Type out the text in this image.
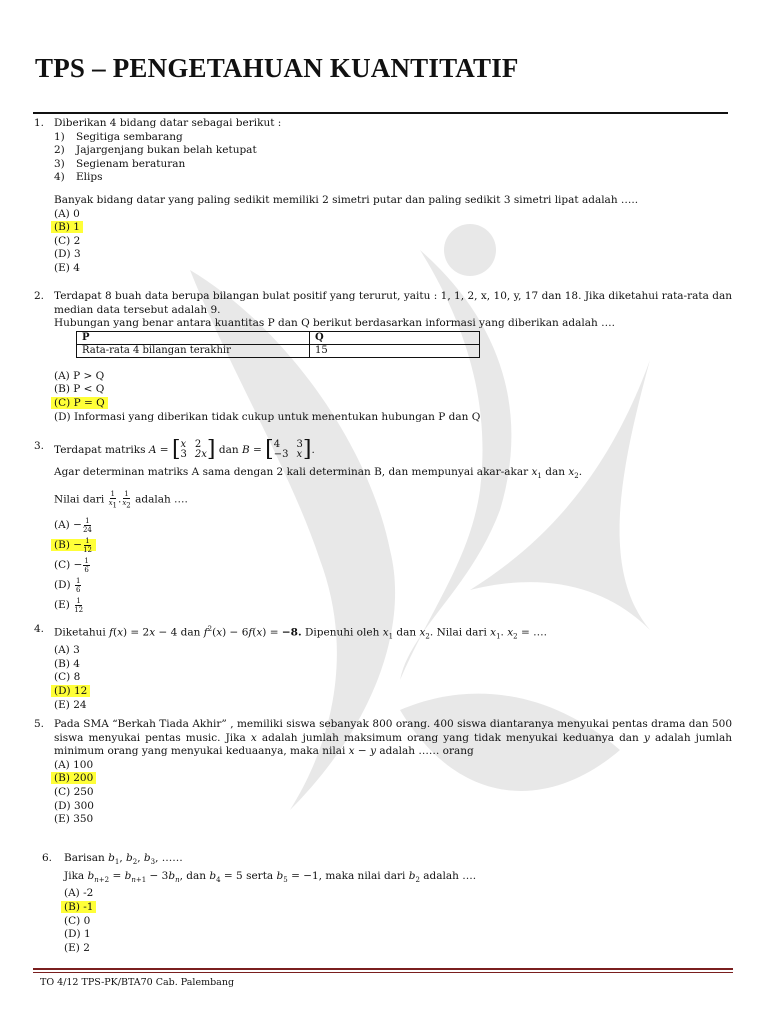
TPS – PENGETAHUAN KUANTITATIF
1. Diberikan 4 bidang datar sebagai berikut :

1)	Segitiga sembarang
2)	Jajargenjang bukan belah ketupat
3)	Segienam beraturan
4)	Elips

Banyak bidang datar yang paling sedikit memiliki 2 simetri putar dan paling sedikit 3 simetri lipat adalah …..

(A) 0
(B) 1
(C) 2
(D) 3
(E) 4
2. Terdapat 8 buah data berupa bilangan bulat positif yang terurut, yaitu : 1, 1, 2, x, 10, y, 17 dan 18. Jika diketahui rata-rata dan median data tersebut adalah 9.

Hubungan yang benar antara kuantitas P dan Q berikut berdasarkan informasi yang diberikan adalah ….

P	Q
Rata-rata 4 bilangan terakhir	15
(A) P > Q
(B) P < Q
(C) P = Q
(D) Informasi yang diberikan tidak cukup untuk menentukan hubungan P dan Q
3. Terdapat matriks A = [ x 2
3 2x ] dan B = [ 4	3
−3 x ] .

Agar determinan matriks A sama dengan 2 kali determinan B, dan mempunyai akar-akar $x_1$ dan $x_2$.

Nilai dari $\frac{1}{x_1}$ . $\frac{1}{x_2}$ adalah ….

$(A) - \frac{1}{24}$
$(B) - \frac{1}{12}$
$(C) - \frac{1}{6}$
$(D) \frac{1}{6}$
$(E) \frac{1}{12}$
4. Diketahui f(x) = 2x − 4 dan $f^2(x) - 6f(x) = -8$. Dipenuhi oleh $x_1$ dan $x_2$. Nilai dari $x_1$. $x_2$ = ….

(A) 3
(B) 4
(C) 8
(D) 12
(E) 24
5. Pada SMA “Berkah Tiada Akhir” , memiliki siswa sebanyak 800 orang. 400 siswa diantaranya menyukai pentas drama dan 500 siswa menyukai pentas music. Jika x adalah jumlah maksimum orang yang tidak menyukai keduanya dan y adalah jumlah minimum orang yang menyukai keduaanya, maka nilai x − y adalah …… orang

(A) 100
(B) 200
(C) 250
(D) 300
(E) 350
6. Barisan $b_1$, $b_2$, $b_3$, ……

Jika $b_{n+2} = b_{n+1} - 3b_n$, dan $b_4 = 5$ serta $b_5 = -1$, maka nilai dari $b_2$ adalah ….

(A) -2
(B) -1
(C) 0
(D) 1
(E) 2
TO 4/12 TPS-PK/BTA70 Cab. Palembang
